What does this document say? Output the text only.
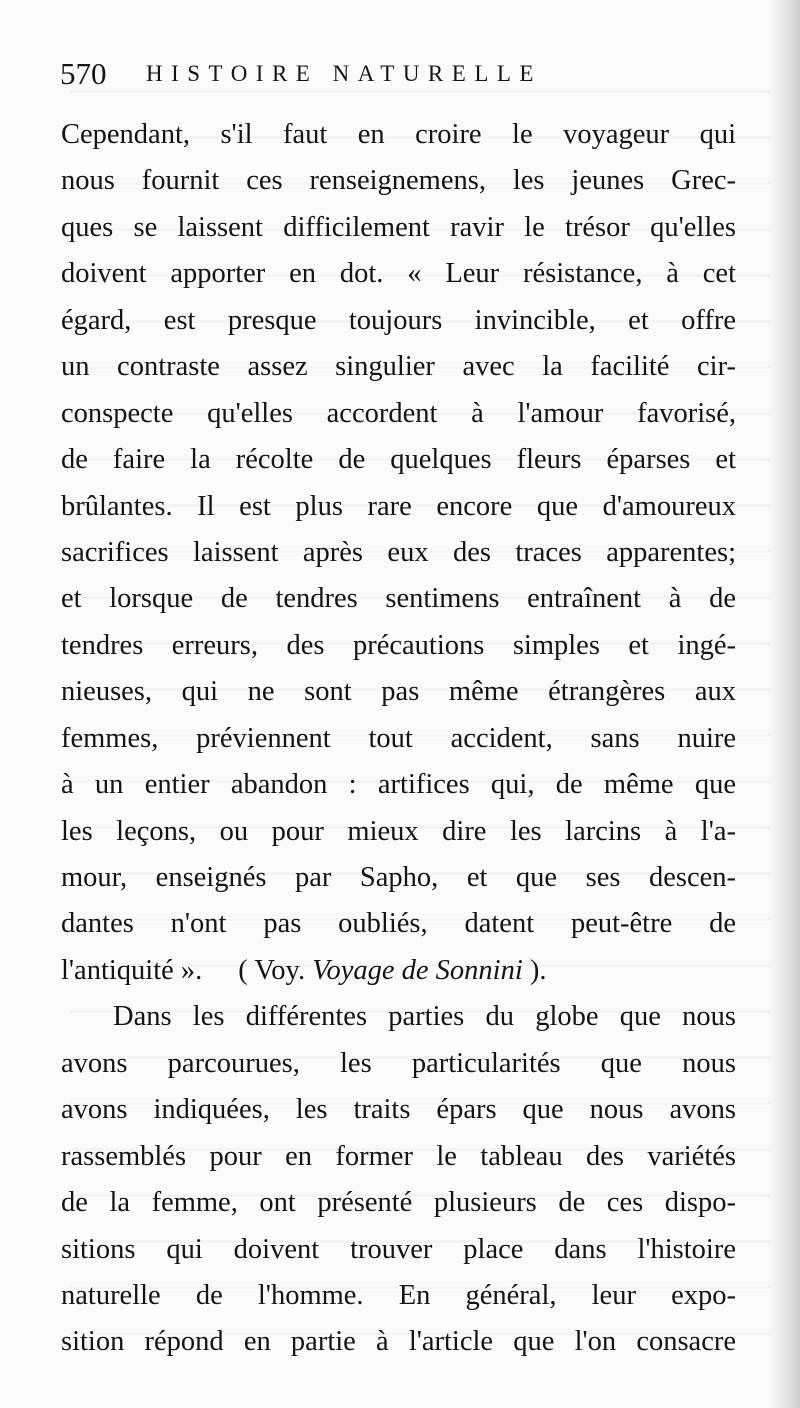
570 HISTOIRE NATURELLE
Cependant, s'il faut en croire le voyageur qui
nous fournit ces renseignemens, les jeunes Grec-
ques se laissent difficilement ravir le trésor qu'elles
doivent apporter en dot. « Leur résistance, à cet
égard, est presque toujours invincible, et offre
un contraste assez singulier avec la facilité cir-
conspecte qu'elles accordent à l'amour favorisé,
de faire la récolte de quelques fleurs éparses et
brûlantes. Il est plus rare encore que d'amoureux
sacrifices laissent après eux des traces apparentes;
et lorsque de tendres sentimens entraînent à de
tendres erreurs, des précautions simples et ingé-
nieuses, qui ne sont pas même étrangères aux
femmes, préviennent tout accident, sans nuire
à un entier abandon : artifices qui, de même que
les leçons, ou pour mieux dire les larcins à l'a-
mour, enseignés par Sapho, et que ses descen-
dantes n'ont pas oubliés, datent peut-être de
l'antiquité ». ( Voy. Voyage de Sonnini ).
Dans les différentes parties du globe que nous
avons parcourues, les particularités que nous
avons indiquées, les traits épars que nous avons
rassemblés pour en former le tableau des variétés
de la femme, ont présenté plusieurs de ces dispo-
sitions qui doivent trouver place dans l'histoire
naturelle de l'homme. En général, leur expo-
sition répond en partie à l'article que l'on consacre
